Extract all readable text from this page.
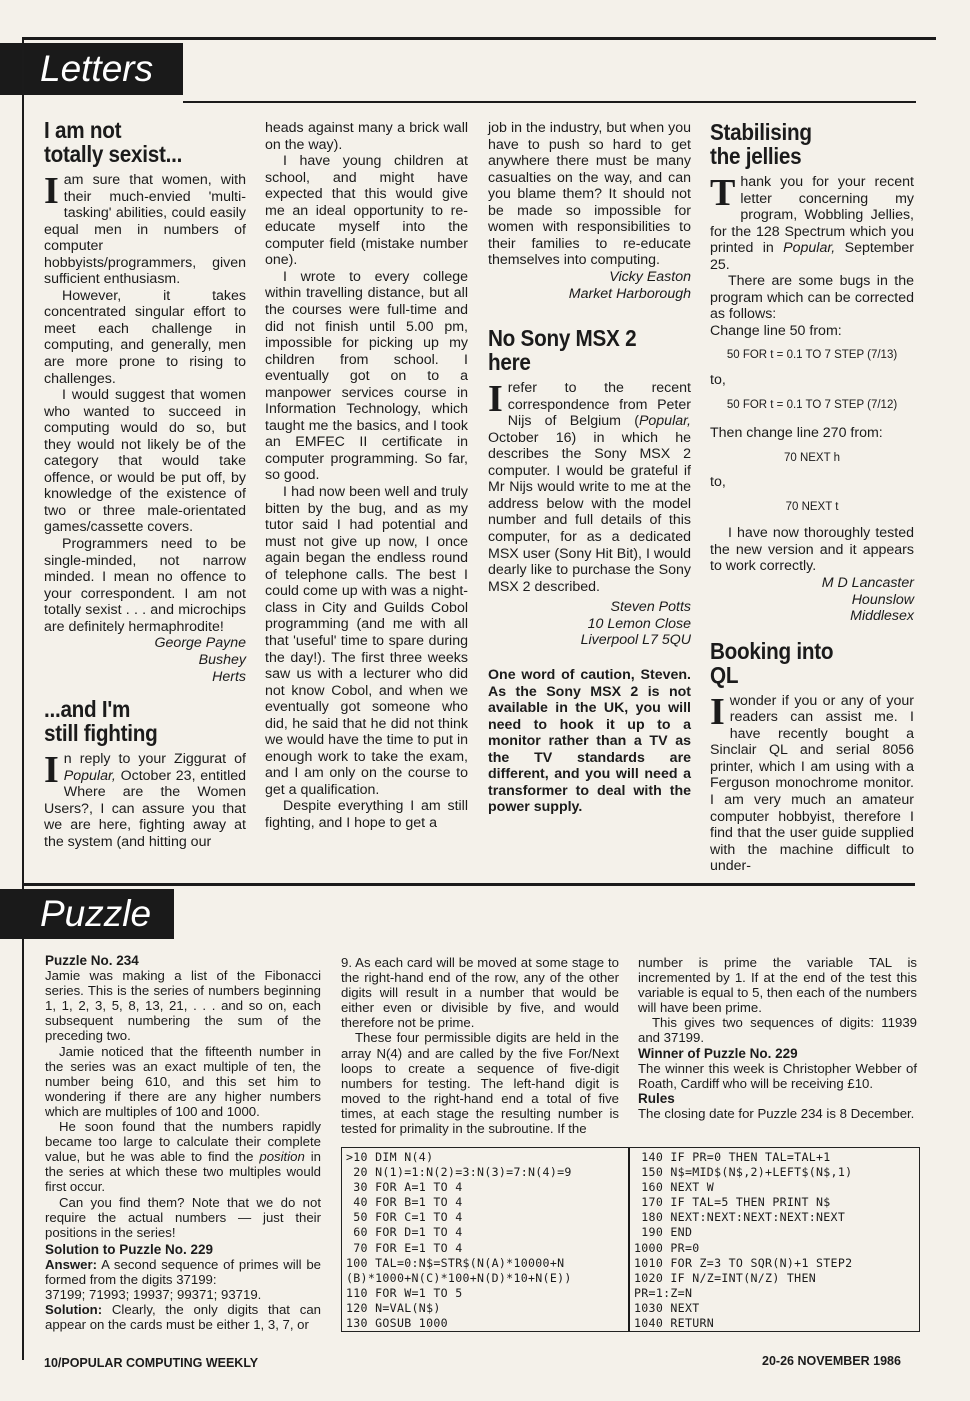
Letters
I am not
totally sexist...

I am sure that women, with their much-envied 'multi-tasking' abilities, could easily equal men in numbers of computer hobbyists/programmers, given sufficient enthusiasm.

However, it takes concentrated singular effort to meet each challenge in computing, and generally, men are more prone to rising to challenges.

I would suggest that women who wanted to succeed in computing would do so, but they would not likely be of the category that would take offence, or would be put off, by knowledge of the existence of two or three male-orientated games/cassette covers.

Programmers need to be single-minded, not narrow minded. I mean no offence to your correspondent. I am not totally sexist . . . and microchips are definitely hermaphrodite!

George Payne
Bushey
Herts
...and I'm
still fighting

In reply to your Ziggurat of Popular, October 23, entitled Where are the Women Users?, I can assure you that we are here, fighting away at the system (and hitting our

heads against many a brick wall on the way).

I have young children at school, and might have expected that this would give me an ideal opportunity to re-educate myself into the computer field (mistake number one).

I wrote to every college within travelling distance, but all the courses were full-time and did not finish until 5.00 pm, impossible for picking up my children from school. I eventually got on to a manpower services course in Information Technology, which taught me the basics, and I took an EMFEC II certificate in computer programming. So far, so good.

I had now been well and truly bitten by the bug, and as my tutor said I had potential and must not give up now, I once again began the endless round of telephone calls. The best I could come up with was a night-class in City and Guilds Cobol programming (and me with all that 'useful' time to spare during the day!). The first three weeks saw us with a lecturer who did not know Cobol, and when we eventually got someone who did, he said that he did not think we would have the time to put in enough work to take the exam, and I am only on the course to get a qualification.

Despite everything I am still fighting, and I hope to get a

job in the industry, but when you have to push so hard to get anywhere there must be many casualties on the way, and can you blame them? It should not be made so impossible for women with responsibilities to their families to re-educate themselves into computing.

Vicky Easton
Market Harborough
No Sony MSX 2
here

I refer to the recent correspondence from Peter Nijs of Belgium (Popular, October 16) in which he describes the Sony MSX 2 computer. I would be grateful if Mr Nijs would write to me at the address below with the model number and full details of this computer, for as a dedicated MSX user (Sony Hit Bit), I would dearly like to purchase the Sony MSX 2 described.

Steven Potts
10 Lemon Close
Liverpool L7 5QU

One word of caution, Steven. As the Sony MSX 2 is not available in the UK, you will need to hook it up to a monitor rather than a TV as the TV standards are different, and you will need a transformer to deal with the power supply.

Stabilising
the jellies

Thank you for your recent letter concerning my program, Wobbling Jellies, for the 128 Spectrum which you printed in Popular, September 25.

There are some bugs in the program which can be corrected as follows:

Change line 50 from:

50 FOR t = 0.1 TO 7 STEP (7/13)

to,

50 FOR t = 0.1 TO 7 STEP (7/12)

Then change line 270 from:

70 NEXT h

to,

70 NEXT t

I have now thoroughly tested the new version and it appears to work correctly.

M D Lancaster
Hounslow
Middlesex
Booking into
QL

I wonder if you or any of your readers can assist me. I have recently bought a Sinclair QL and serial 8056 printer, which I am using with a Ferguson monochrome monitor. I am very much an amateur computer hobbyist, therefore I find that the user guide supplied with the machine difficult to under-

Puzzle
Puzzle No. 234

Jamie was making a list of the Fibonacci series. This is the series of numbers beginning 1, 1, 2, 3, 5, 8, 13, 21, . . . and so on, each subsequent numbering the sum of the preceding two.

Jamie noticed that the fifteenth number in the series was an exact multiple of ten, the number being 610, and this set him to wondering if there are any higher numbers which are multiples of 100 and 1000.

He soon found that the numbers rapidly became too large to calculate their complete value, but he was able to find the position in the series at which these two multiples would first occur.

Can you find them? Note that we do not require the actual numbers — just their positions in the series!

Solution to Puzzle No. 229

Answer: A second sequence of primes will be formed from the digits 37199:

37199; 71993; 19937; 99371; 93719.

Solution: Clearly, the only digits that can appear on the cards must be either 1, 3, 7, or

9. As each card will be moved at some stage to the right-hand end of the row, any of the other digits will result in a number that would be either even or divisible by five, and would therefore not be prime.

These four permissible digits are held in the array N(4) and are called by the five For/Next loops to create a sequence of five-digit numbers for testing. The left-hand digit is moved to the right-hand end a total of five times, at each stage the resulting number is tested for primality in the subroutine. If the

number is prime the variable TAL is incremented by 1. If at the end of the test this variable is equal to 5, then each of the numbers will have been prime.

This gives two sequences of digits: 11939 and 37199.

Winner of Puzzle No. 229

The winner this week is Christopher Webber of Roath, Cardiff who will be receiving £10.

Rules

The closing date for Puzzle 234 is 8 December.

>10 DIM N(4)
20 N(1)=1:N(2)=3:N(3)=7:N(4)=9
30 FOR A=1 TO 4
40 FOR B=1 TO 4
50 FOR C=1 TO 4
60 FOR D=1 TO 4
70 FOR E=1 TO 4
100 TAL=0:N$=STR$(N(A)*10000+N
(B)*1000+N(C)*100+N(D)*10+N(E))
110 FOR W=1 TO 5
120 N=VAL(N$)
130 GOSUB 1000
140 IF PR=0 THEN TAL=TAL+1
150 N$=MID$(N$,2)+LEFT$(N$,1)
160 NEXT W
170 IF TAL=5 THEN PRINT N$
180 NEXT:NEXT:NEXT:NEXT:NEXT
190 END
1000 PR=0
1010 FOR Z=3 TO SQR(N)+1 STEP2
1020 IF N/Z=INT(N/Z) THEN
PR=1:Z=N
1030 NEXT
1040 RETURN
10/POPULAR COMPUTING WEEKLY	20-26 NOVEMBER 1986
